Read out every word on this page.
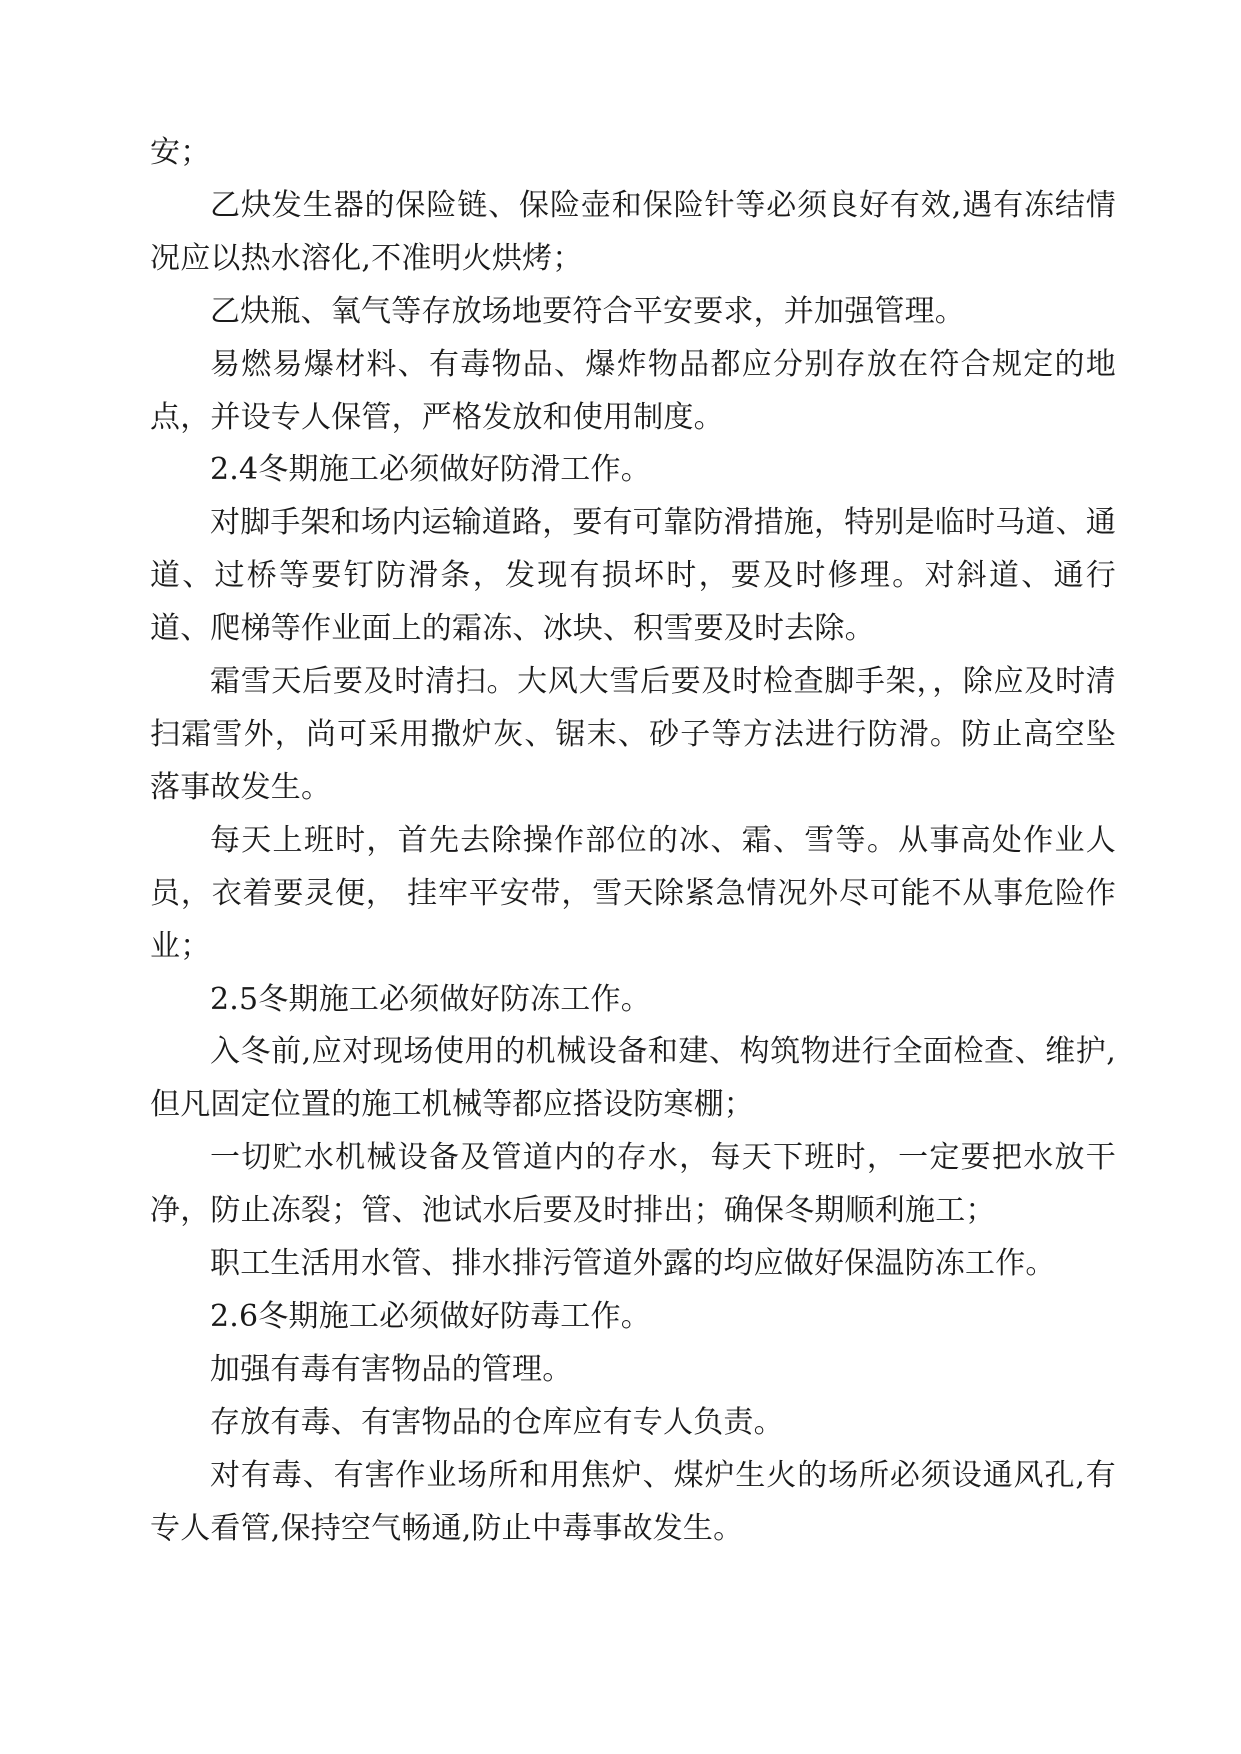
安；

乙炔发生器的保险链、保险壶和保险针等必须良好有效,遇有冻结情况应以热水溶化,不准明火烘烤；

乙炔瓶、氧气等存放场地要符合平安要求，并加强管理。

易燃易爆材料、有毒物品、爆炸物品都应分别存放在符合规定的地点，并设专人保管，严格发放和使用制度。

2.4冬期施工必须做好防滑工作。

对脚手架和场内运输道路，要有可靠防滑措施，特别是临时马道、通道、过桥等要钉防滑条，发现有损坏时，要及时修理。对斜道、通行道、爬梯等作业面上的霜冻、冰块、积雪要及时去除。

霜雪天后要及时清扫。大风大雪后要及时检查脚手架，，除应及时清扫霜雪外，尚可采用撒炉灰、锯末、砂子等方法进行防滑。防止高空坠落事故发生。

每天上班时，首先去除操作部位的冰、霜、雪等。从事高处作业人员，衣着要灵便， 挂牢平安带，雪天除紧急情况外尽可能不从事危险作业；

2.5冬期施工必须做好防冻工作。

入冬前,应对现场使用的机械设备和建、构筑物进行全面检查、维护,但凡固定位置的施工机械等都应搭设防寒棚；

一切贮水机械设备及管道内的存水，每天下班时，一定要把水放干净，防止冻裂；管、池试水后要及时排出；确保冬期顺利施工；

职工生活用水管、排水排污管道外露的均应做好保温防冻工作。

2.6冬期施工必须做好防毒工作。

加强有毒有害物品的管理。

存放有毒、有害物品的仓库应有专人负责。

对有毒、有害作业场所和用焦炉、煤炉生火的场所必须设通风孔,有专人看管,保持空气畅通,防止中毒事故发生。
